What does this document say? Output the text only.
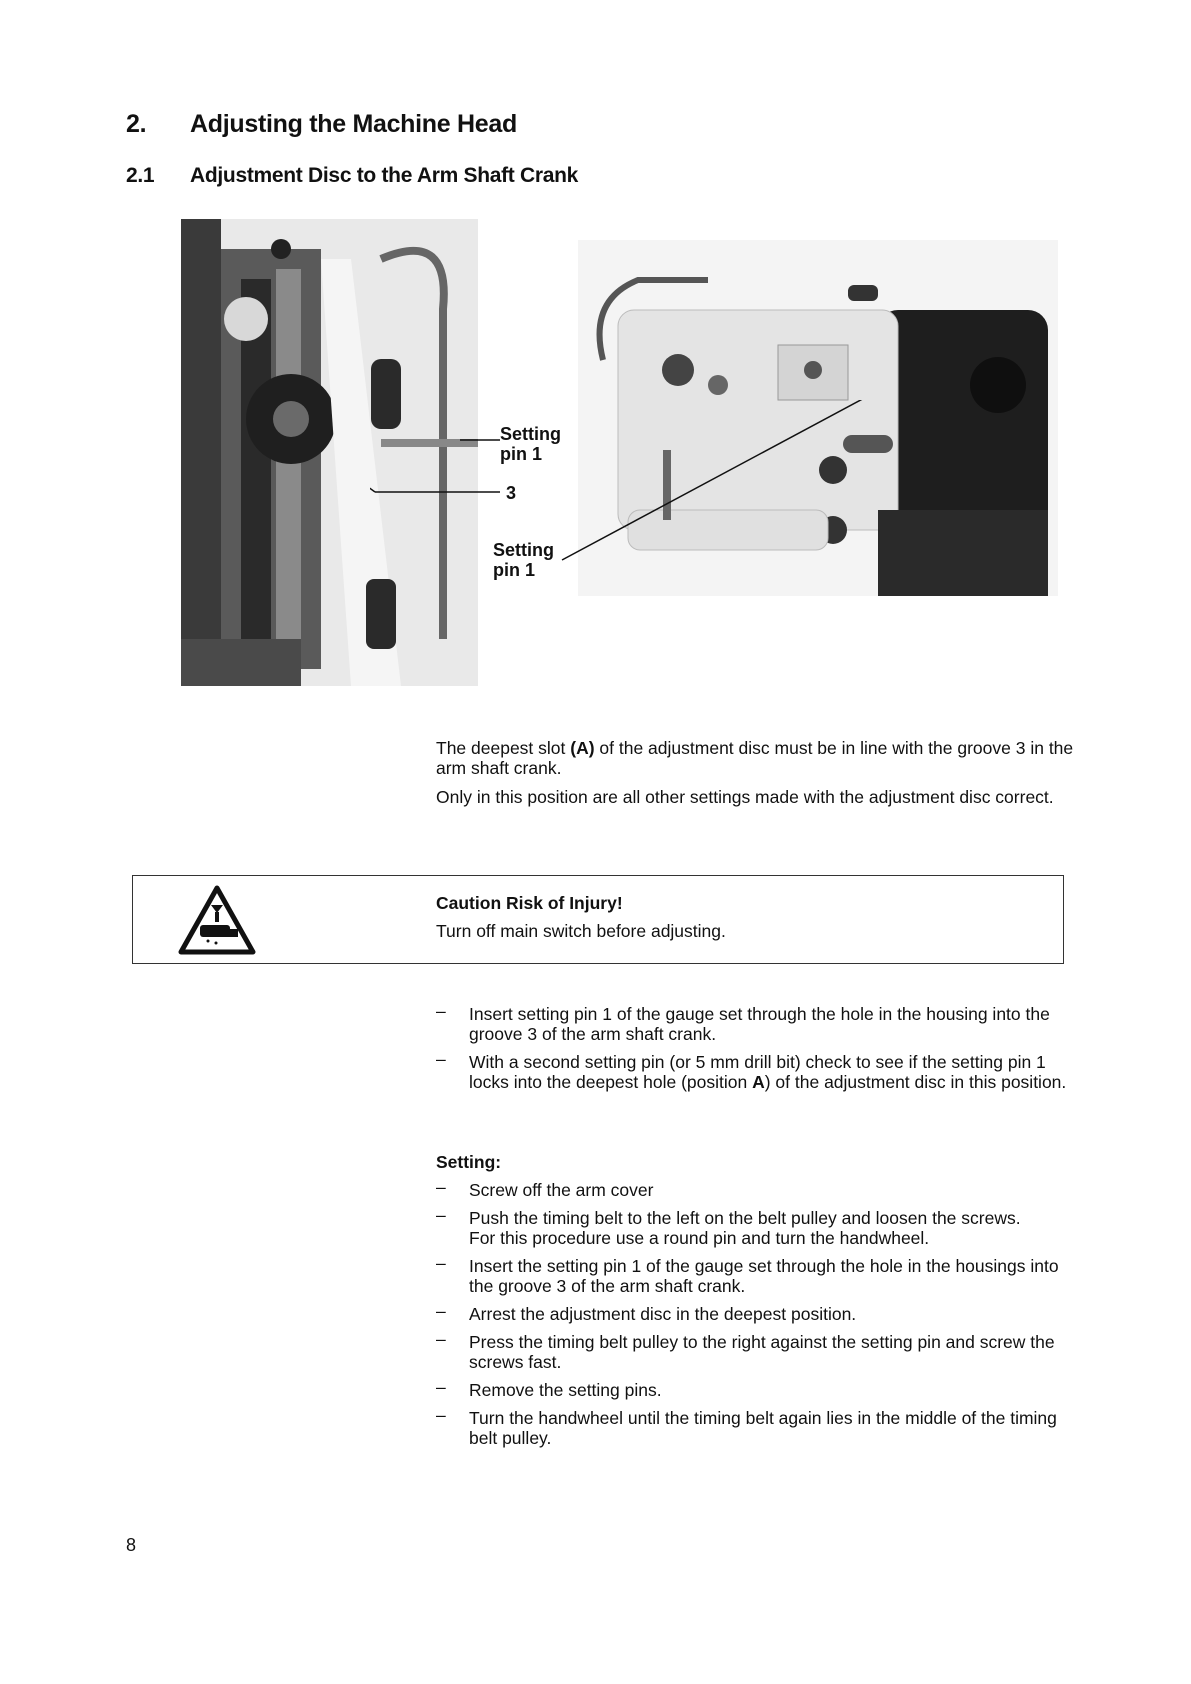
2. Adjusting the Machine Head
2.1 Adjustment Disc to the Arm Shaft Crank
Setting
pin 1
3
Setting
pin 1
The deepest slot (A) of the adjustment disc must be in line with the groove 3 in the arm shaft crank.
Only in this position are all other settings made with the adjustment disc correct.
Caution Risk of Injury!
Turn off main switch before adjusting.
– Insert setting pin 1 of the gauge set through the hole in the housing into the groove 3 of the arm shaft crank.
– With a second setting pin (or 5 mm drill bit) check to see if the setting pin 1 locks into the deepest hole (position A) of the adjustment disc in this position.
Setting:
– Screw off the arm cover
– Push the timing belt to the left on the belt pulley and loosen the screws.
For this procedure use a round pin and turn the handwheel.
– Insert the setting pin 1 of the gauge set through the hole in the housings into the groove 3 of the arm shaft crank.
– Arrest the adjustment disc in the deepest position.
– Press the timing belt pulley to the right against the setting pin and screw the screws fast.
– Remove the setting pins.
– Turn the handwheel until the timing belt again lies in the middle of the timing belt pulley.
8
